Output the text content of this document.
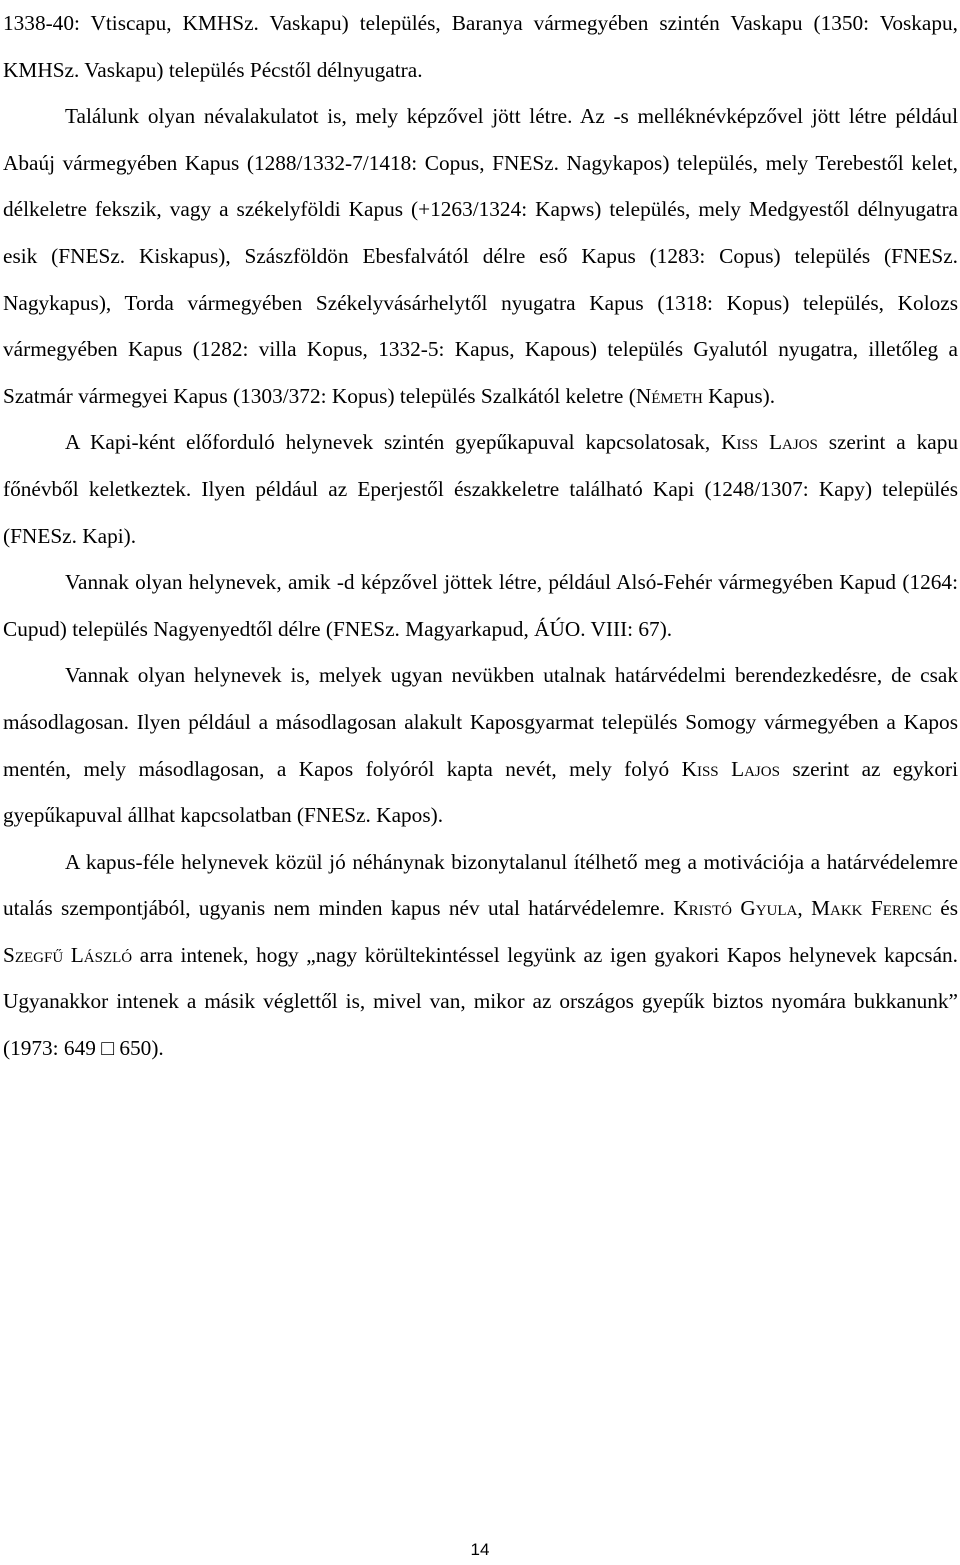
1338-40: Vtiscapu, KMHSz. Vaskapu) település, Baranya vármegyében szintén Vaskapu (1350: Voskapu, KMHSz. Vaskapu) település Pécstől délnyugatra.

Találunk olyan névalakulatot is, mely képzővel jött létre. Az -s melléknévképzővel jött létre például Abaúj vármegyében Kapus (1288/1332-7/1418: Copus, FNESz. Nagykapos) település, mely Terebestől kelet, délkeletre fekszik, vagy a székelyföldi Kapus (+1263/1324: Kapws) település, mely Medgyestől délnyugatra esik (FNESz. Kiskapus), Szászföldön Ebesfalvától délre eső Kapus (1283: Copus) település (FNESz. Nagykapus), Torda vármegyében Székelyvásárhelytől nyugatra Kapus (1318: Kopus) település, Kolozs vármegyében Kapus (1282: villa Kopus, 1332-5: Kapus, Kapous) település Gyalutól nyugatra, illetőleg a Szatmár vármegyei Kapus (1303/372: Kopus) település Szalkától keletre (Németh Kapus).

A Kapi-ként előforduló helynevek szintén gyepűkapuval kapcsolatosak, Kiss Lajos szerint a kapu főnévből keletkeztek. Ilyen például az Eperjestől északkeletre található Kapi (1248/1307: Kapy) település (FNESz. Kapi).

Vannak olyan helynevek, amik -d képzővel jöttek létre, például Alsó-Fehér vármegyében Kapud (1264: Cupud) település Nagyenyedtől délre (FNESz. Magyarkapud, ÁÚO. VIII: 67).

Vannak olyan helynevek is, melyek ugyan nevükben utalnak határvédelmi berendezkedésre, de csak másodlagosan. Ilyen például a másodlagosan alakult Kaposgyarmat település Somogy vármegyében a Kapos mentén, mely másodlagosan, a Kapos folyóról kapta nevét, mely folyó Kiss Lajos szerint az egykori gyepűkapuval állhat kapcsolatban (FNESz. Kapos).

A kapus-féle helynevek közül jó néhánynak bizonytalanul ítélhető meg a motivációja a határvédelemre utalás szempontjából, ugyanis nem minden kapus név utal határvédelemre. Kristó Gyula, Makk Ferenc és Szegfű László arra intenek, hogy „nagy körültekintéssel legyünk az igen gyakori Kapos helynevek kapcsán. Ugyanakkor intenek a másik véglettől is, mivel van, mikor az országos gyepűk biztos nyomára bukkanunk” (1973: 649 □ 650).

14
